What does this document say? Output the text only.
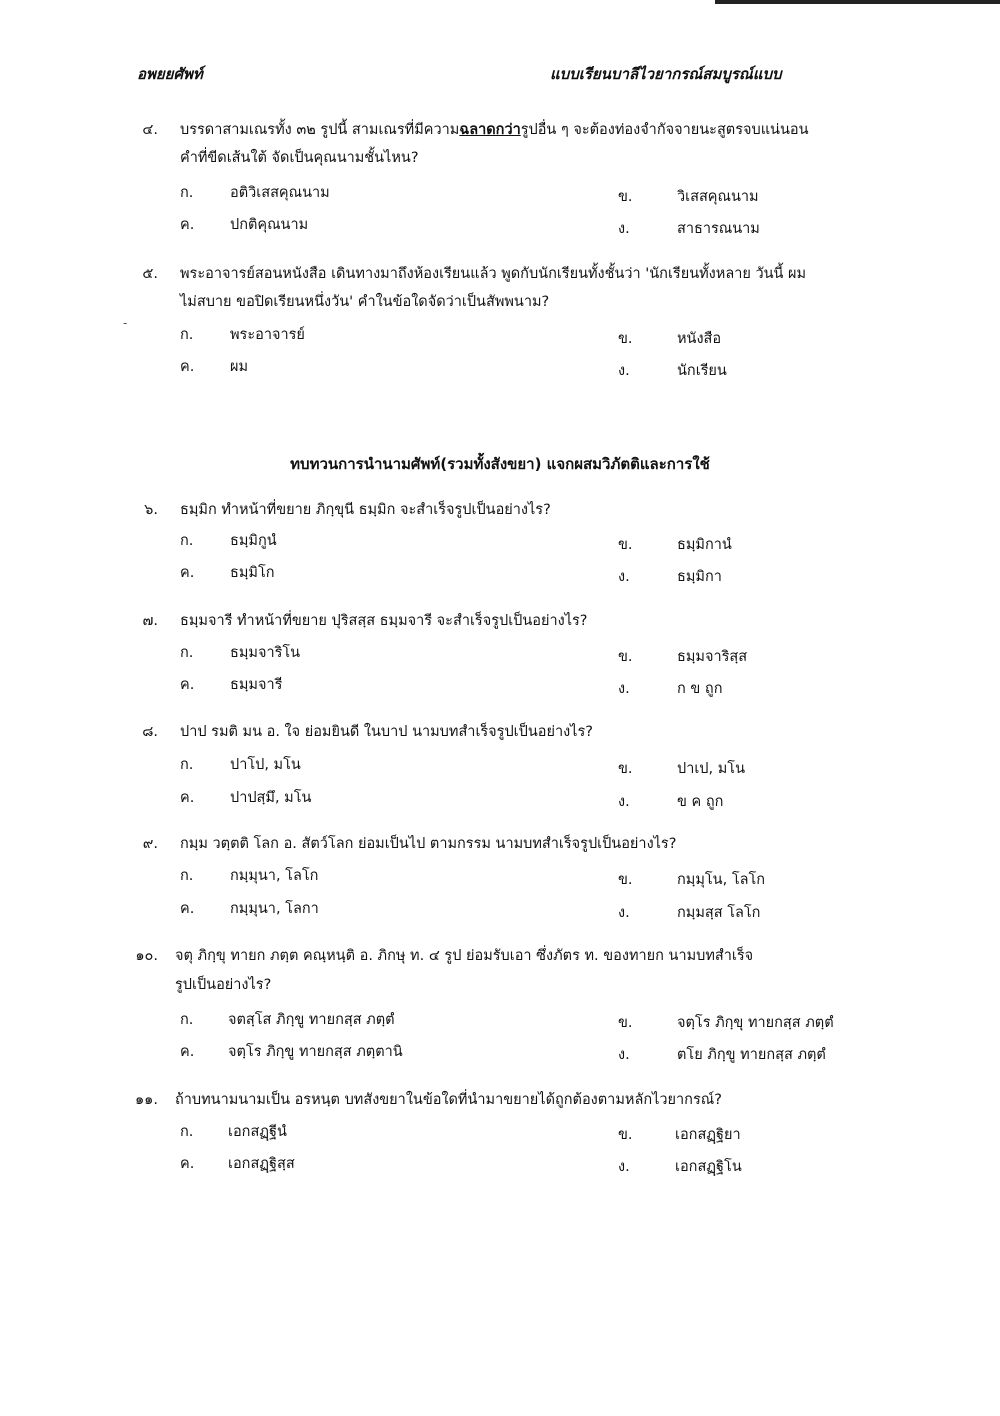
อพยยศัพท์	แบบเรียนบาลีไวยากรณ์สมบูรณ์แบบ
-
๔. บรรดาสามเณรทั้ง ๓๒ รูปนี้ สามเณรที่มีความฉลาดกว่ารูปอื่น ๆ จะต้องท่องจำกัจจายนะสูตรจบแน่นอน
คำที่ขีดเส้นใต้ จัดเป็นคุณนามชั้นไหน?
ก.	อติวิเสสคุณนาม	ข.	วิเสสคุณนาม
ค. ปกติคุณนาม	ง.	สาธารณนาม
๕. พระอาจารย์สอนหนังสือ เดินทางมาถึงห้องเรียนแล้ว พูดกับนักเรียนทั้งชั้นว่า 'นักเรียนทั้งหลาย วันนี้ ผม
ไม่สบาย ขอปิดเรียนหนึ่งวัน' คำในข้อใดจัดว่าเป็นสัพพนาม?
ก.	พระอาจารย์	ข.	หนังสือ
ค. ผม	ง.	นักเรียน
ทบทวนการนำนามศัพท์(รวมทั้งสังขยา) แจกผสมวิภัตติและการใช้
๖. ธมฺมิก ทำหน้าที่ขยาย ภิกฺขุนี ธมฺมิก จะสำเร็จรูปเป็นอย่างไร?
ก.	ธมฺมิกูนํ	ข.	ธมฺมิกานํ
ค. ธมฺมิโก	ง.	ธมฺมิกา
๗. ธมฺมจารี ทำหน้าที่ขยาย ปุริสสฺส ธมฺมจารี จะสำเร็จรูปเป็นอย่างไร?
ก.	ธมฺมจาริโน	ข.	ธมฺมจาริสฺส
ค. ธมฺมจารี	ง.	ก ข ถูก
๘. ปาป รมติ มน อ. ใจ ย่อมยินดี ในบาป นามบทสำเร็จรูปเป็นอย่างไร?
ก.	ปาโป, มโน	ข.	ปาเป, มโน
ค. ปาปสฺมึ, มโน	ง.	ข ค ถูก
๙. กมฺม วตฺตติ โลก อ. สัตว์โลก ย่อมเป็นไป ตามกรรม นามบทสำเร็จรูปเป็นอย่างไร?
ก.	กมฺมุนา, โลโก	ข.	กมฺมุโน, โลโก
ค. กมฺมุนา, โลกา	ง.	กมฺมสฺส โลโก
๑๐. จตุ ภิกฺขุ ทายก ภตฺต คณฺหนฺติ อ. ภิกษุ ท. ๔ รูป ย่อมรับเอา ซึ่งภัตร ท. ของทายก นามบทสำเร็จ
รูปเป็นอย่างไร?
ก. จตสฺโส ภิกฺขู ทายกสฺส ภตฺตํ	ข.	จตฺโร ภิกฺขุ ทายกสฺส ภตฺตํ
ค. จตฺโร ภิกฺขู ทายกสฺส ภตฺตานิ	ง.	ตโย ภิกฺขู ทายกสฺส ภตฺตํ
๑๑. ถ้าบทนามนามเป็น อรหนฺต บทสังขยาในข้อใดที่นำมาขยายได้ถูกต้องตามหลักไวยากรณ์?
ก. เอกสฏฺฐีนํ	ข.	เอกสฏฺฐิยา
ค. เอกสฏฺฐิสฺส	ง.	เอกสฏฺฐิโน
